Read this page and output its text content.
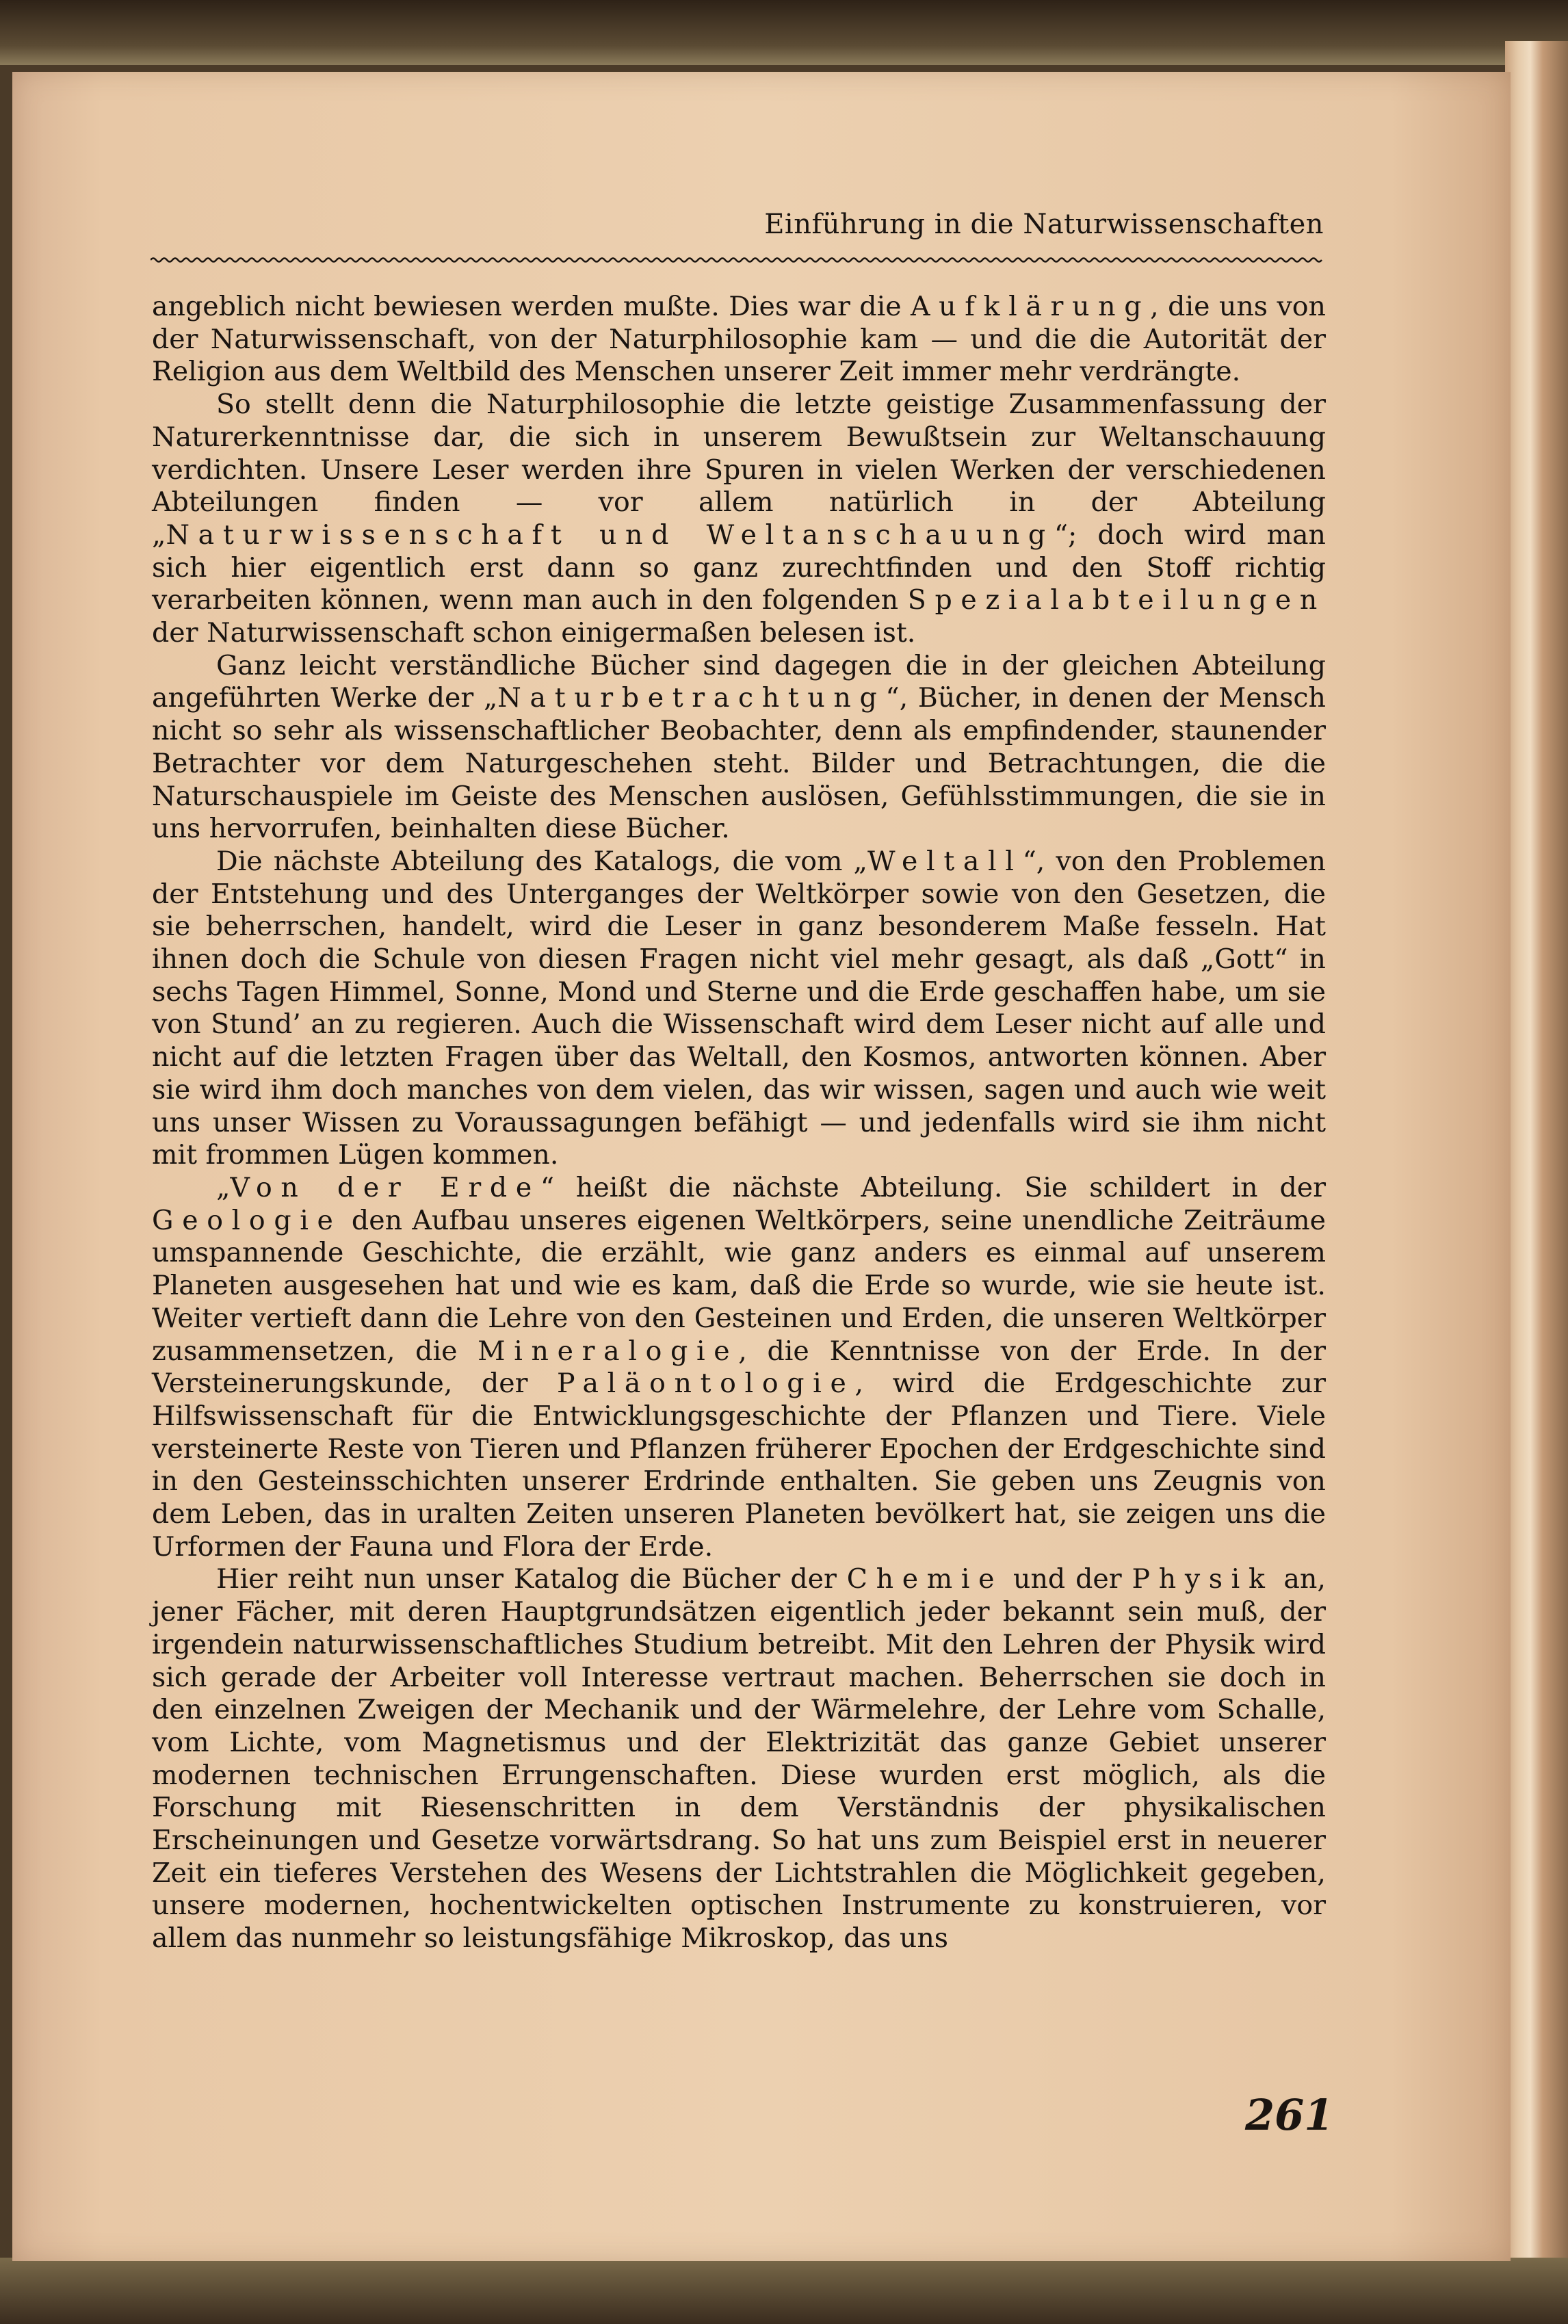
Einführung in die Naturwissenschaften

angeblich nicht bewiesen werden mußte. Dies war die Aufklärung, die uns von der Naturwissenschaft, von der Naturphilosophie kam — und die die Autorität der Religion aus dem Weltbild des Menschen unserer Zeit immer mehr verdrängte.

So stellt denn die Naturphilosophie die letzte geistige Zusammenfassung der Naturerkenntnisse dar, die sich in unserem Bewußtsein zur Weltanschauung verdichten. Unsere Leser werden ihre Spuren in vielen Werken der verschiedenen Abteilungen finden — vor allem natürlich in der Abteilung „Naturwissenschaft und Weltanschauung“; doch wird man sich hier eigentlich erst dann so ganz zurechtfinden und den Stoff richtig verarbeiten können, wenn man auch in den folgenden Spezialabteilungen der Naturwissenschaft schon einigermaßen belesen ist.

Ganz leicht verständliche Bücher sind dagegen die in der gleichen Abteilung angeführten Werke der „Naturbetrachtung“, Bücher, in denen der Mensch nicht so sehr als wissenschaftlicher Beobachter, denn als empfindender, staunender Betrachter vor dem Naturgeschehen steht. Bilder und Betrachtungen, die die Naturschauspiele im Geiste des Menschen auslösen, Gefühlsstimmungen, die sie in uns hervorrufen, beinhalten diese Bücher.

Die nächste Abteilung des Katalogs, die vom „Weltall“, von den Problemen der Entstehung und des Unterganges der Weltkörper sowie von den Gesetzen, die sie beherrschen, handelt, wird die Leser in ganz besonderem Maße fesseln. Hat ihnen doch die Schule von diesen Fragen nicht viel mehr gesagt, als daß „Gott“ in sechs Tagen Himmel, Sonne, Mond und Sterne und die Erde geschaffen habe, um sie von Stund’ an zu regieren. Auch die Wissenschaft wird dem Leser nicht auf alle und nicht auf die letzten Fragen über das Weltall, den Kosmos, antworten können. Aber sie wird ihm doch manches von dem vielen, das wir wissen, sagen und auch wie weit uns unser Wissen zu Voraussagungen befähigt — und jedenfalls wird sie ihm nicht mit frommen Lügen kommen.

„Von der Erde“ heißt die nächste Abteilung. Sie schildert in der Geologie den Aufbau unseres eigenen Weltkörpers, seine unendliche Zeiträume umspannende Geschichte, die erzählt, wie ganz anders es einmal auf unserem Planeten ausgesehen hat und wie es kam, daß die Erde so wurde, wie sie heute ist. Weiter vertieft dann die Lehre von den Gesteinen und Erden, die unseren Weltkörper zusammensetzen, die Mineralogie, die Kenntnisse von der Erde. In der Versteinerungskunde, der Paläontologie, wird die Erdgeschichte zur Hilfswissenschaft für die Entwicklungsgeschichte der Pflanzen und Tiere. Viele versteinerte Reste von Tieren und Pflanzen früherer Epochen der Erdgeschichte sind in den Gesteinsschichten unserer Erdrinde enthalten. Sie geben uns Zeugnis von dem Leben, das in uralten Zeiten unseren Planeten bevölkert hat, sie zeigen uns die Urformen der Fauna und Flora der Erde.

Hier reiht nun unser Katalog die Bücher der Chemie und der Physik an, jener Fächer, mit deren Hauptgrundsätzen eigentlich jeder bekannt sein muß, der irgendein naturwissenschaftliches Studium betreibt. Mit den Lehren der Physik wird sich gerade der Arbeiter voll Interesse vertraut machen. Beherrschen sie doch in den einzelnen Zweigen der Mechanik und der Wärmelehre, der Lehre vom Schalle, vom Lichte, vom Magnetismus und der Elektrizität das ganze Gebiet unserer modernen technischen Errungenschaften. Diese wurden erst möglich, als die Forschung mit Riesenschritten in dem Verständnis der physikalischen Erscheinungen und Gesetze vorwärtsdrang. So hat uns zum Beispiel erst in neuerer Zeit ein tieferes Verstehen des Wesens der Lichtstrahlen die Möglichkeit gegeben, unsere modernen, hochentwickelten optischen Instrumente zu konstruieren, vor allem das nunmehr so leistungsfähige Mikroskop, das uns

261
